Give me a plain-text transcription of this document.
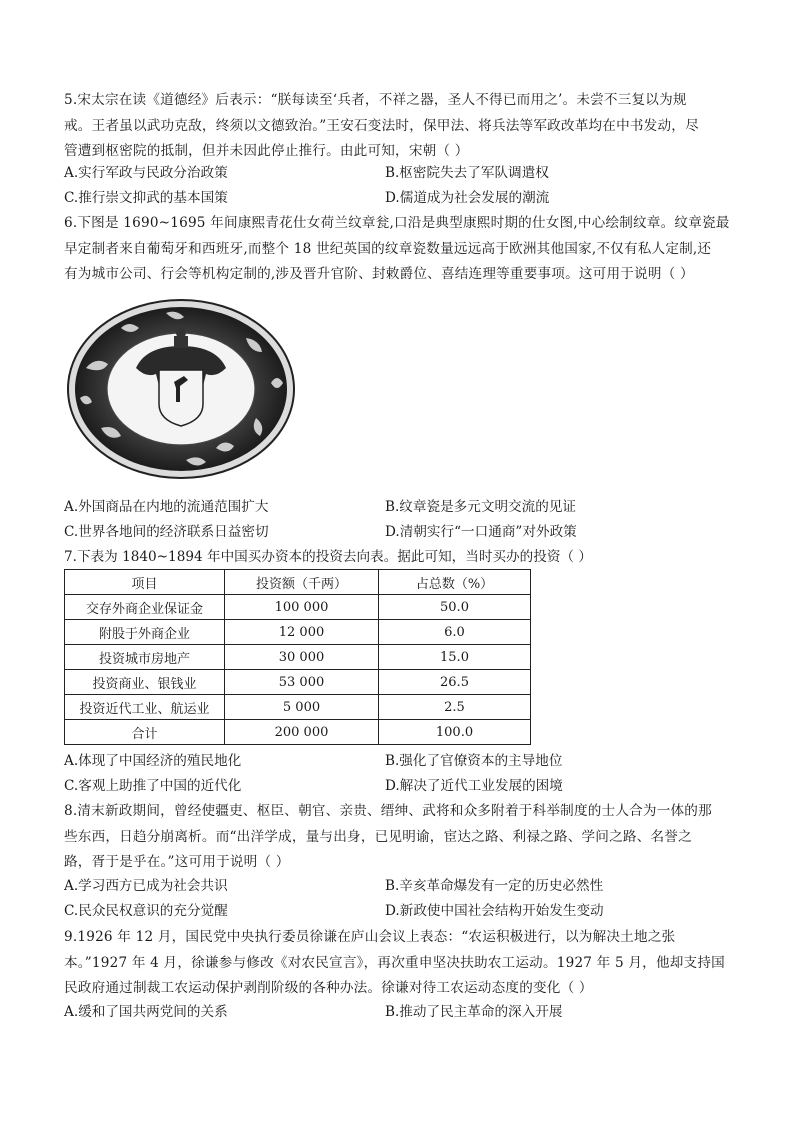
5.宋太宗在读《道德经》后表示：“朕每读至‘兵者，不祥之器，圣人不得已而用之’。未尝不三复以为规
戒。王者虽以武功克敌，终须以文德致治。”王安石变法时，保甲法、将兵法等军政改革均在中书发动，尽
管遭到枢密院的抵制，但并未因此停止推行。由此可知，宋朝（ ）

A.实行军政与民政分治政策	B.枢密院失去了军队调遣权
C.推行崇文抑武的基本国策	D.儒道成为社会发展的潮流

6.下图是 1690~1695 年间康熙青花仕女荷兰纹章瓮,口沿是典型康熙时期的仕女图,中心绘制纹章。纹章瓷最
早定制者来自葡萄牙和西班牙,而整个 18 世纪英国的纹章瓷数量远远高于欧洲其他国家,不仅有私人定制,还
有为城市公司、行会等机构定制的,涉及晋升官阶、封敕爵位、喜结连理等重要事项。这可用于说明（ ）

A.外国商品在内地的流通范围扩大	B.纹章瓷是多元文明交流的见证
C.世界各地间的经济联系日益密切	D.清朝实行“一口通商”对外政策
7.下表为 1840~1894 年中国买办资本的投资去向表。据此可知，当时买办的投资（ ）
项目	投资额（千两）	占总数（%）
交存外商企业保证金	100 000	50.0
附股于外商企业	12 000	6.0
投资城市房地产	30 000	15.0
投资商业、银钱业	53 000	26.5
投资近代工业、航运业	5 000	2.5
合计	200 000	100.0
A.体现了中国经济的殖民地化	B.强化了官僚资本的主导地位
C.客观上助推了中国的近代化	D.解决了近代工业发展的困境

8.清末新政期间，曾经使疆吏、枢臣、朝官、亲贵、缙绅、武将和众多附着于科举制度的士人合为一体的那
些东西，日趋分崩离析。而“出洋学成，量与出身，已见明谕，宦达之路、利禄之路、学问之路、名誉之
路，胥于是乎在。”这可用于说明（ ）

A.学习西方已成为社会共识	B.辛亥革命爆发有一定的历史必然性
C.民众民权意识的充分觉醒	D.新政使中国社会结构开始发生变动

9.1926 年 12 月，国民党中央执行委员徐谦在庐山会议上表态：“农运积极进行，以为解决土地之张
本。”1927 年 4 月，徐谦参与修改《对农民宣言》，再次重申坚决扶助农工运动。1927 年 5 月，他却支持国
民政府通过制裁工农运动保护剥削阶级的各种办法。徐谦对待工农运动态度的变化（ ）

A.缓和了国共两党间的关系	B.推动了民主革命的深入开展
